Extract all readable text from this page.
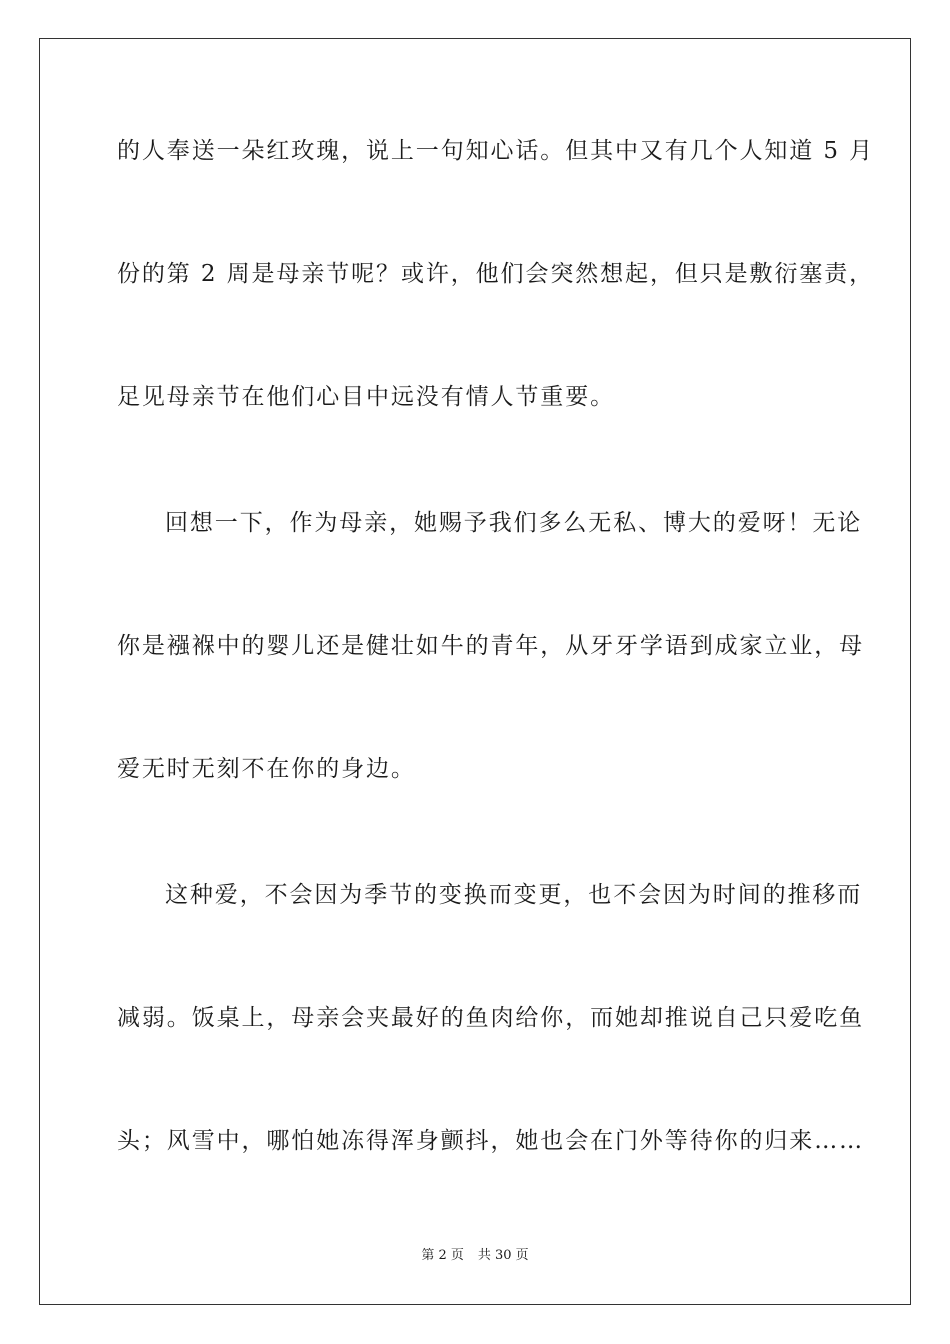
的人奉送一朵红玫瑰，说上一句知心话。但其中又有几个人知道 5 月
份的第 2 周是母亲节呢？或许，他们会突然想起，但只是敷衍塞责，
足见母亲节在他们心目中远没有情人节重要。
回想一下，作为母亲，她赐予我们多么无私、博大的爱呀！无论
你是襁褓中的婴儿还是健壮如牛的青年，从牙牙学语到成家立业，母
爱无时无刻不在你的身边。
这种爱，不会因为季节的变换而变更，也不会因为时间的推移而
减弱。饭桌上，母亲会夹最好的鱼肉给你，而她却推说自己只爱吃鱼
头；风雪中，哪怕她冻得浑身颤抖，她也会在门外等待你的归来……
第 2 页 共 30 页
